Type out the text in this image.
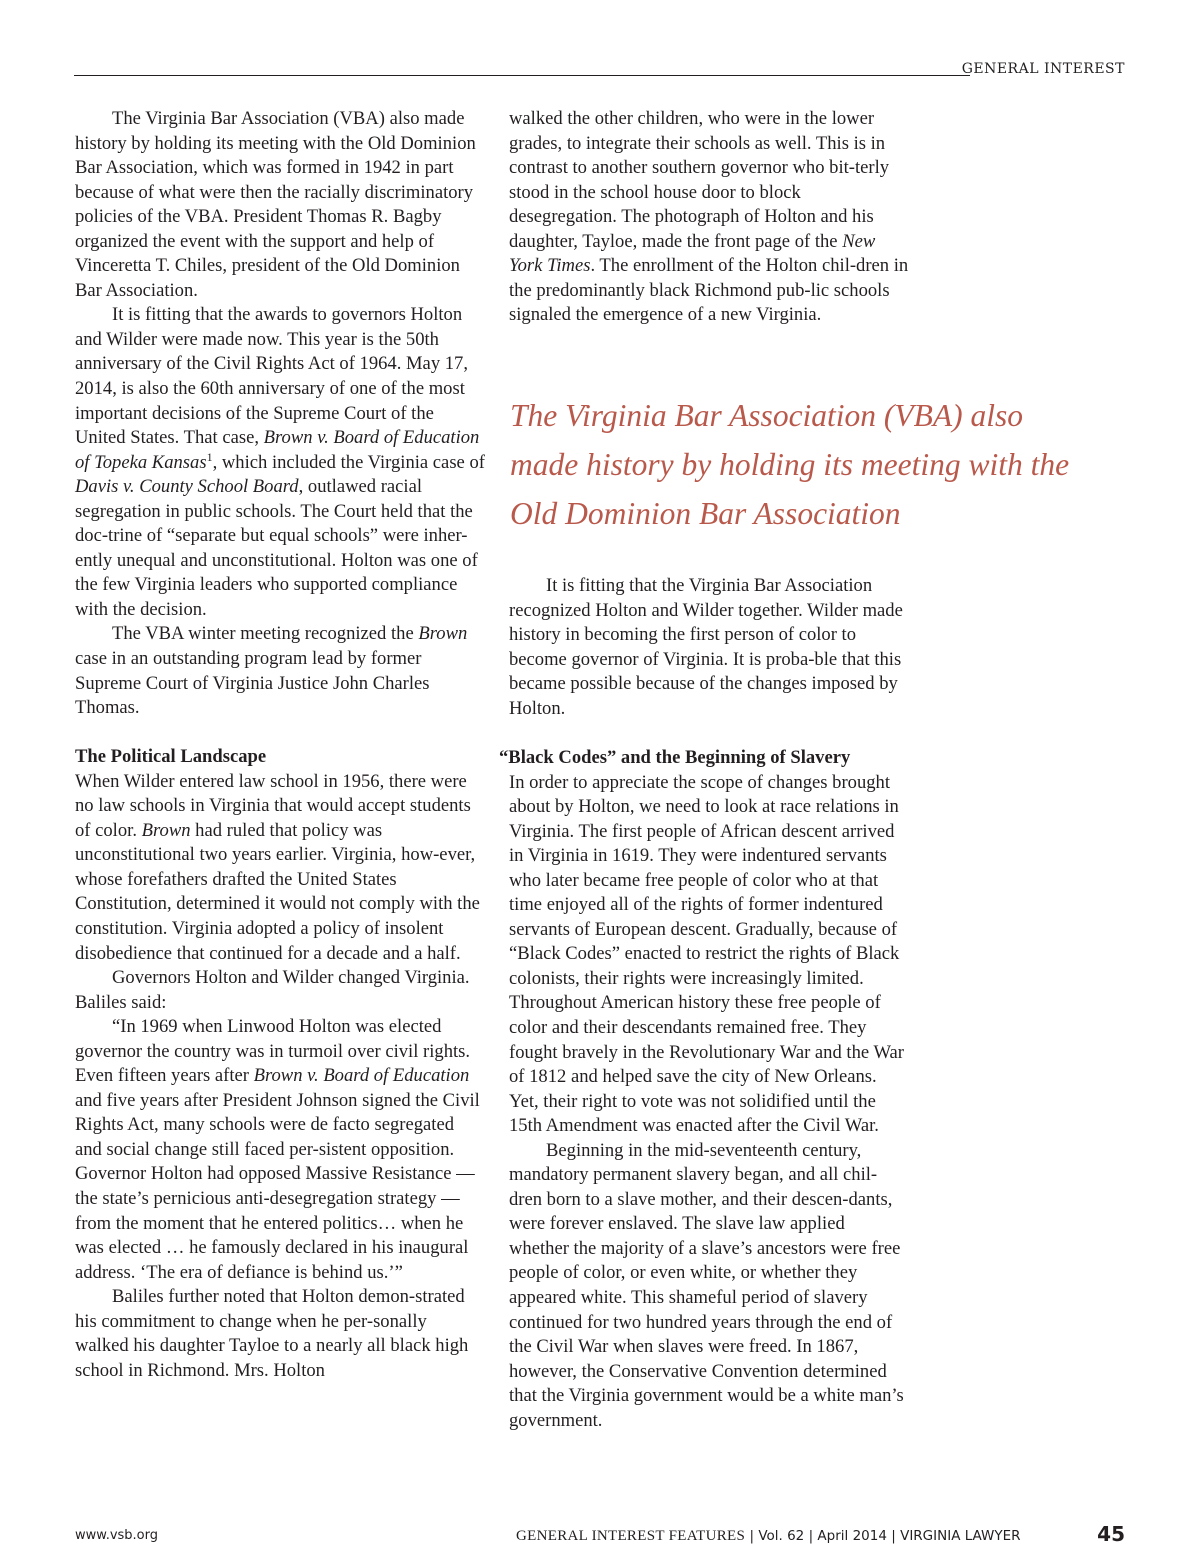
GENERAL INTEREST

The Virginia Bar Association (VBA) also made history by holding its meeting with the Old Dominion Bar Association, which was formed in 1942 in part because of what were then the racially discriminatory policies of the VBA. President Thomas R. Bagby organized the event with the support and help of Vinceretta T. Chiles, president of the Old Dominion Bar Association.

It is fitting that the awards to governors Holton and Wilder were made now. This year is the 50th anniversary of the Civil Rights Act of 1964. May 17, 2014, is also the 60th anniversary of one of the most important decisions of the Supreme Court of the United States. That case, Brown v. Board of Education of Topeka Kansas$^1$, which included the Virginia case of Davis v. County School Board, outlawed racial segregation in public schools. The Court held that the doc-trine of “separate but equal schools” were inher-ently unequal and unconstitutional. Holton was one of the few Virginia leaders who supported compliance with the decision.

The VBA winter meeting recognized the Brown case in an outstanding program lead by former Supreme Court of Virginia Justice John Charles Thomas.

The Political Landscape

When Wilder entered law school in 1956, there were no law schools in Virginia that would accept students of color. Brown had ruled that policy was unconstitutional two years earlier. Virginia, how-ever, whose forefathers drafted the United States Constitution, determined it would not comply with the constitution. Virginia adopted a policy of insolent disobedience that continued for a decade and a half.

Governors Holton and Wilder changed Virginia. Baliles said:

“In 1969 when Linwood Holton was elected governor the country was in turmoil over civil rights. Even fifteen years after Brown v. Board of Education and five years after President Johnson signed the Civil Rights Act, many schools were de facto segregated and social change still faced per-sistent opposition. Governor Holton had opposed Massive Resistance — the state’s pernicious anti-desegregation strategy — from the moment that he entered politics… when he was elected … he famously declared in his inaugural address. ‘The era of defiance is behind us.’”

Baliles further noted that Holton demon-strated his commitment to change when he per-sonally walked his daughter Tayloe to a nearly all black high school in Richmond. Mrs. Holton

walked the other children, who were in the lower grades, to integrate their schools as well. This is in contrast to another southern governor who bit-terly stood in the school house door to block desegregation. The photograph of Holton and his daughter, Tayloe, made the front page of the New York Times. The enrollment of the Holton chil-dren in the predominantly black Richmond pub-lic schools signaled the emergence of a new Virginia.

The Virginia Bar Association (VBA) also made history by holding its meeting with the Old Dominion Bar Association

It is fitting that the Virginia Bar Association recognized Holton and Wilder together. Wilder made history in becoming the first person of color to become governor of Virginia. It is proba-ble that this became possible because of the changes imposed by Holton.

“Black Codes” and the Beginning of Slavery

In order to appreciate the scope of changes brought about by Holton, we need to look at race relations in Virginia. The first people of African descent arrived in Virginia in 1619. They were indentured servants who later became free people of color who at that time enjoyed all of the rights of former indentured servants of European descent. Gradually, because of “Black Codes” enacted to restrict the rights of Black colonists, their rights were increasingly limited. Throughout American history these free people of color and their descendants remained free. They fought bravely in the Revolutionary War and the War of 1812 and helped save the city of New Orleans. Yet, their right to vote was not solidified until the 15th Amendment was enacted after the Civil War.

Beginning in the mid-seventeenth century, mandatory permanent slavery began, and all chil-dren born to a slave mother, and their descen-dants, were forever enslaved. The slave law applied whether the majority of a slave’s ancestors were free people of color, or even white, or whether they appeared white. This shameful period of slavery continued for two hundred years through the end of the Civil War when slaves were freed. In 1867, however, the Conservative Convention determined that the Virginia government would be a white man’s government.

www.vsb.org	GENERAL INTEREST FEATURES | Vol. 62 | April 2014 | VIRGINIA LAWYER	45
